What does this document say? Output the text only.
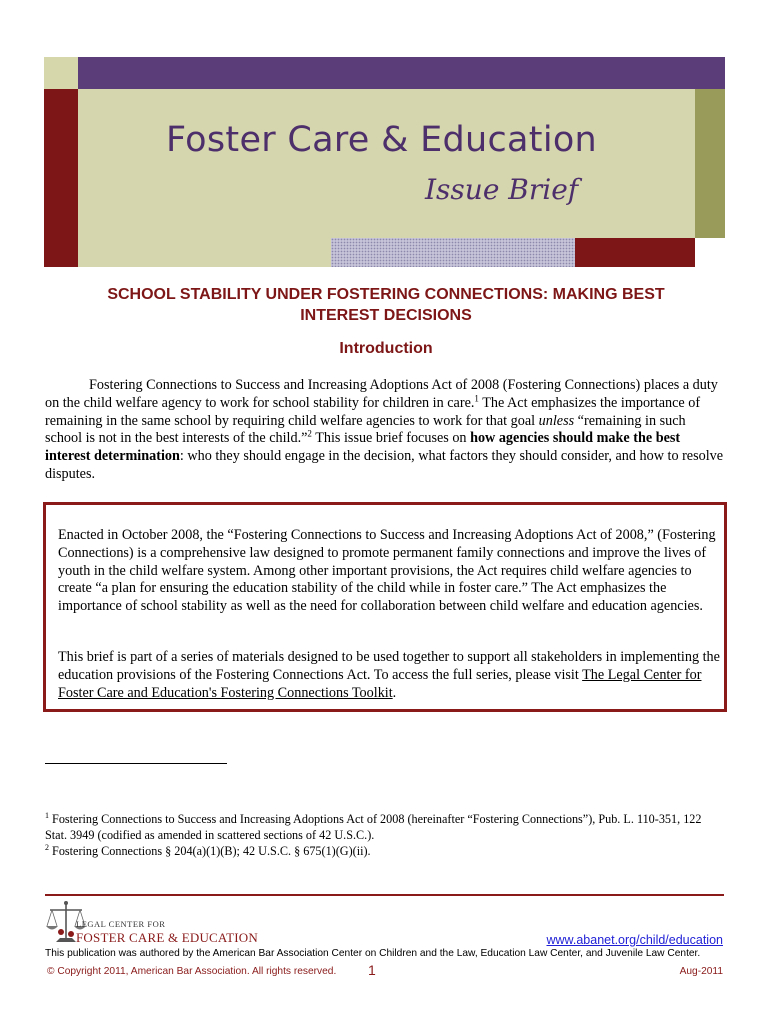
Foster Care & Education
Issue Brief
SCHOOL STABILITY UNDER FOSTERING CONNECTIONS: MAKING BEST
INTEREST DECISIONS
Introduction
Fostering Connections to Success and Increasing Adoptions Act of 2008 (Fostering Connections) places a duty on the child welfare agency to work for school stability for children in care.$^1$ The Act emphasizes the importance of remaining in the same school by requiring child welfare agencies to work for that goal unless “remaining in such school is not in the best interests of the child.”$^2$ This issue brief focuses on how agencies should make the best interest determination: who they should engage in the decision, what factors they should consider, and how to resolve disputes.
Enacted in October 2008, the “Fostering Connections to Success and Increasing Adoptions Act of 2008,” (Fostering Connections) is a comprehensive law designed to promote permanent family connections and improve the lives of youth in the child welfare system. Among other important provisions, the Act requires child welfare agencies to create “a plan for ensuring the education stability of the child while in foster care.” The Act emphasizes the importance of school stability as well as the need for collaboration between child welfare and education agencies.
This brief is part of a series of materials designed to be used together to support all stakeholders in implementing the education provisions of the Fostering Connections Act. To access the full series, please visit The Legal Center for Foster Care and Education's Fostering Connections Toolkit.
$^1$ Fostering Connections to Success and Increasing Adoptions Act of 2008 (hereinafter “Fostering Connections”), Pub. L. 110-351, 122 Stat. 3949 (codified as amended in scattered sections of 42 U.S.C.).
$^2$ Fostering Connections § 204(a)(1)(B); 42 U.S.C. § 675(1)(G)(ii).
LEGAL CENTER FOR
FOSTER CARE & EDUCATION	www.abanet.org/child/education
This publication was authored by the American Bar Association Center on Children and the Law, Education Law Center, and Juvenile Law Center.
© Copyright 2011, American Bar Association. All rights reserved. 1	Aug-2011
